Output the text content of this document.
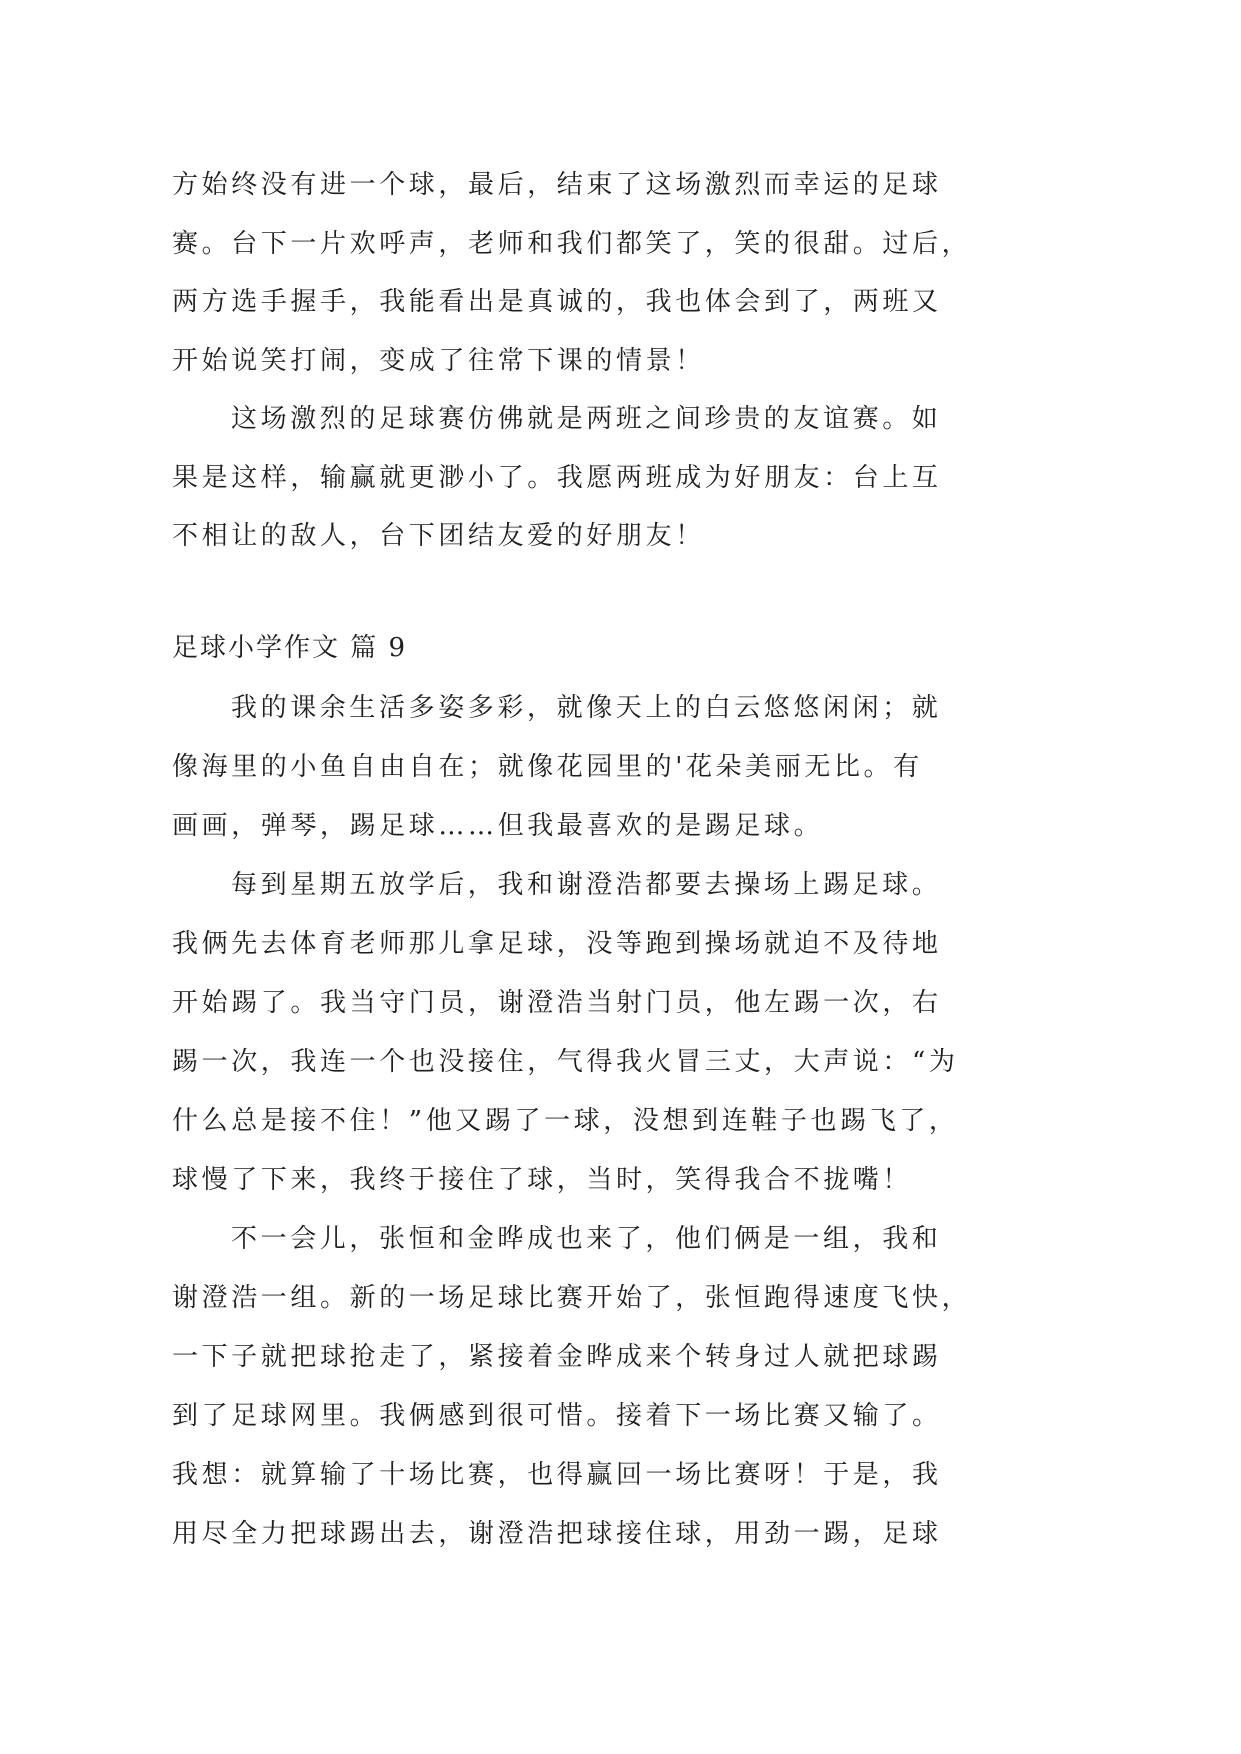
方始终没有进一个球，最后，结束了这场激烈而幸运的足球
赛。台下一片欢呼声，老师和我们都笑了，笑的很甜。过后，
两方选手握手，我能看出是真诚的，我也体会到了，两班又
开始说笑打闹，变成了往常下课的情景！
这场激烈的足球赛仿佛就是两班之间珍贵的友谊赛。如
果是这样，输赢就更渺小了。我愿两班成为好朋友：台上互
不相让的敌人，台下团结友爱的好朋友！
足球小学作文 篇 9
我的课余生活多姿多彩，就像天上的白云悠悠闲闲；就
像海里的小鱼自由自在；就像花园里的'花朵美丽无比。有
画画，弹琴，踢足球……但我最喜欢的是踢足球。
每到星期五放学后，我和谢澄浩都要去操场上踢足球。
我俩先去体育老师那儿拿足球，没等跑到操场就迫不及待地
开始踢了。我当守门员，谢澄浩当射门员，他左踢一次，右
踢一次，我连一个也没接住，气得我火冒三丈，大声说：“为
什么总是接不住！”他又踢了一球，没想到连鞋子也踢飞了，
球慢了下来，我终于接住了球，当时，笑得我合不拢嘴！
不一会儿，张恒和金晔成也来了，他们俩是一组，我和
谢澄浩一组。新的一场足球比赛开始了，张恒跑得速度飞快，
一下子就把球抢走了，紧接着金晔成来个转身过人就把球踢
到了足球网里。我俩感到很可惜。接着下一场比赛又输了。
我想：就算输了十场比赛，也得赢回一场比赛呀！于是，我
用尽全力把球踢出去，谢澄浩把球接住球，用劲一踢，足球
